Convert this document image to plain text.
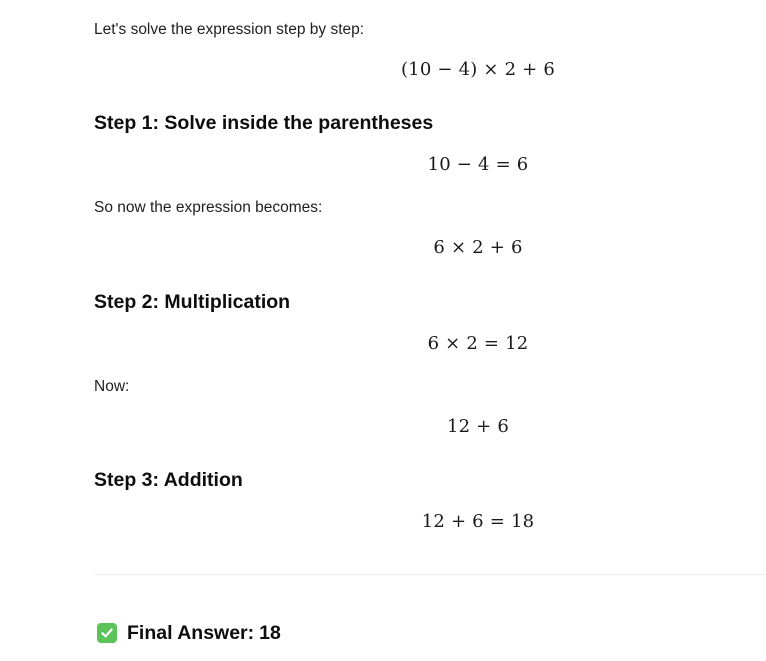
Let's solve the expression step by step:
(10 − 4) × 2 + 6
Step 1: Solve inside the parentheses
10 − 4 = 6
So now the expression becomes:
6 × 2 + 6
Step 2: Multiplication
6 × 2 = 12
Now:
12 + 6
Step 3: Addition
12 + 6 = 18
Final Answer: 18
